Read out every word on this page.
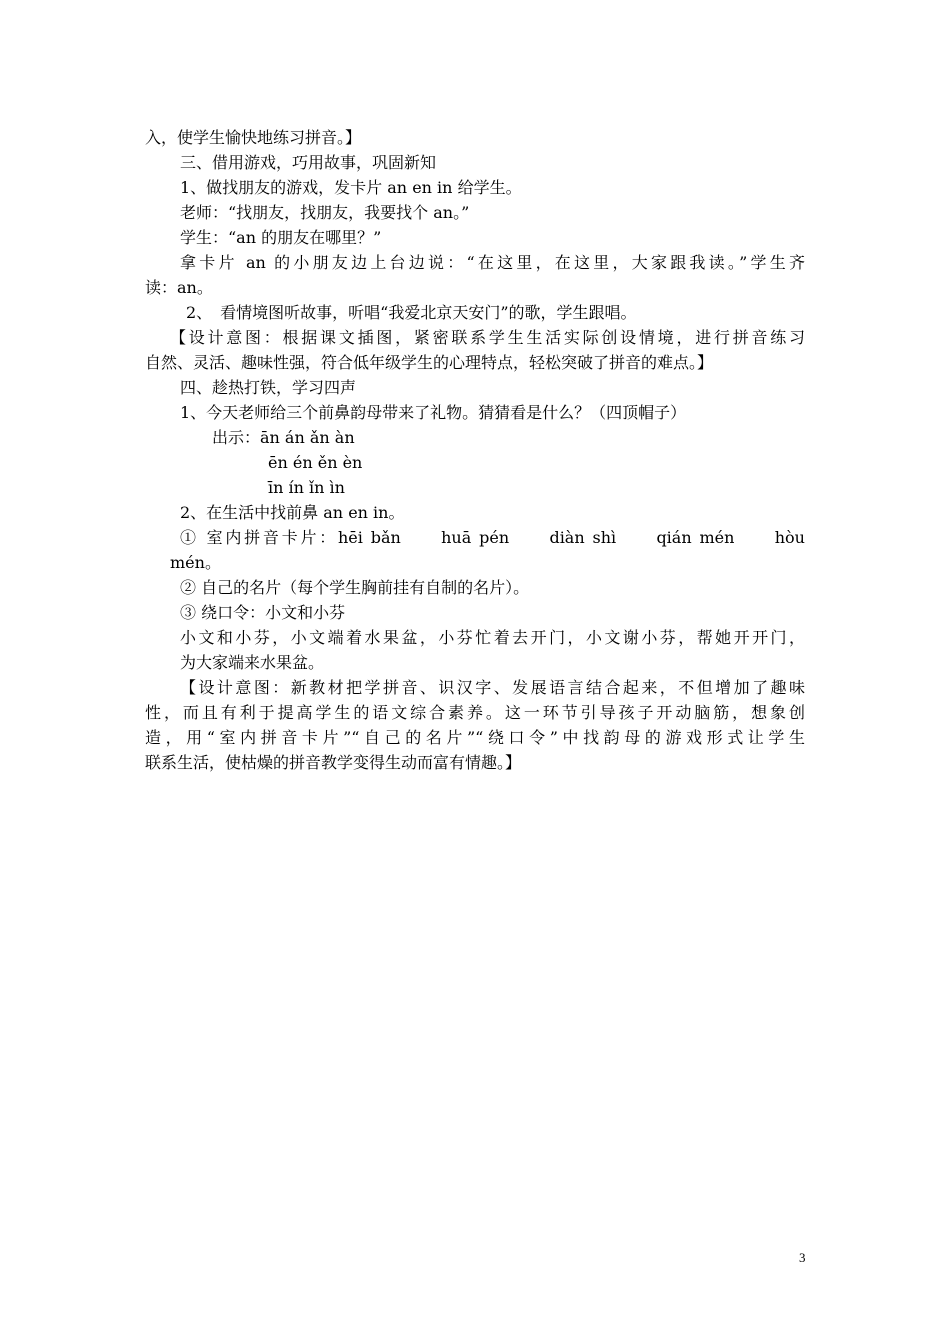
入，使学生愉快地练习拼音。】
三、借用游戏，巧用故事，巩固新知
1、做找朋友的游戏，发卡片 an en in 给学生。
老师：“找朋友，找朋友，我要找个 an。”
学生：“an 的朋友在哪里？”
拿卡片 an 的小朋友边上台边说：“在这里，在这里，大家跟我读。”学生齐
读：an。
2、　看情境图听故事，听唱“我爱北京天安门”的歌，学生跟唱。
【设计意图：根据课文插图，紧密联系学生生活实际创设情境，进行拼音练习
自然、灵活、趣味性强，符合低年级学生的心理特点，轻松突破了拼音的难点。】
四、趁热打铁，学习四声
1、今天老师给三个前鼻韵母带来了礼物。猜猜看是什么？（四顶帽子）
出示：ān án ǎn àn
ēn én ěn èn
īn ín ǐn ìn
2、在生活中找前鼻 an en in。
① 室内拼音卡片：hēi bǎn　　huā pén　　diàn shì　　qián mén　　hòu
mén。
② 自己的名片（每个学生胸前挂有自制的名片）。
③ 绕口令：小文和小芬
小文和小芬，小文端着水果盆，小芬忙着去开门，小文谢小芬，帮她开开门，
为大家端来水果盆。
【设计意图：新教材把学拼音、识汉字、发展语言结合起来，不但增加了趣味
性，而且有利于提高学生的语文综合素养。这一环节引导孩子开动脑筋，想象创
造，用“室内拼音卡片”“自己的名片”“绕口令”中找韵母的游戏形式让学生
联系生活，使枯燥的拼音教学变得生动而富有情趣。】
3
